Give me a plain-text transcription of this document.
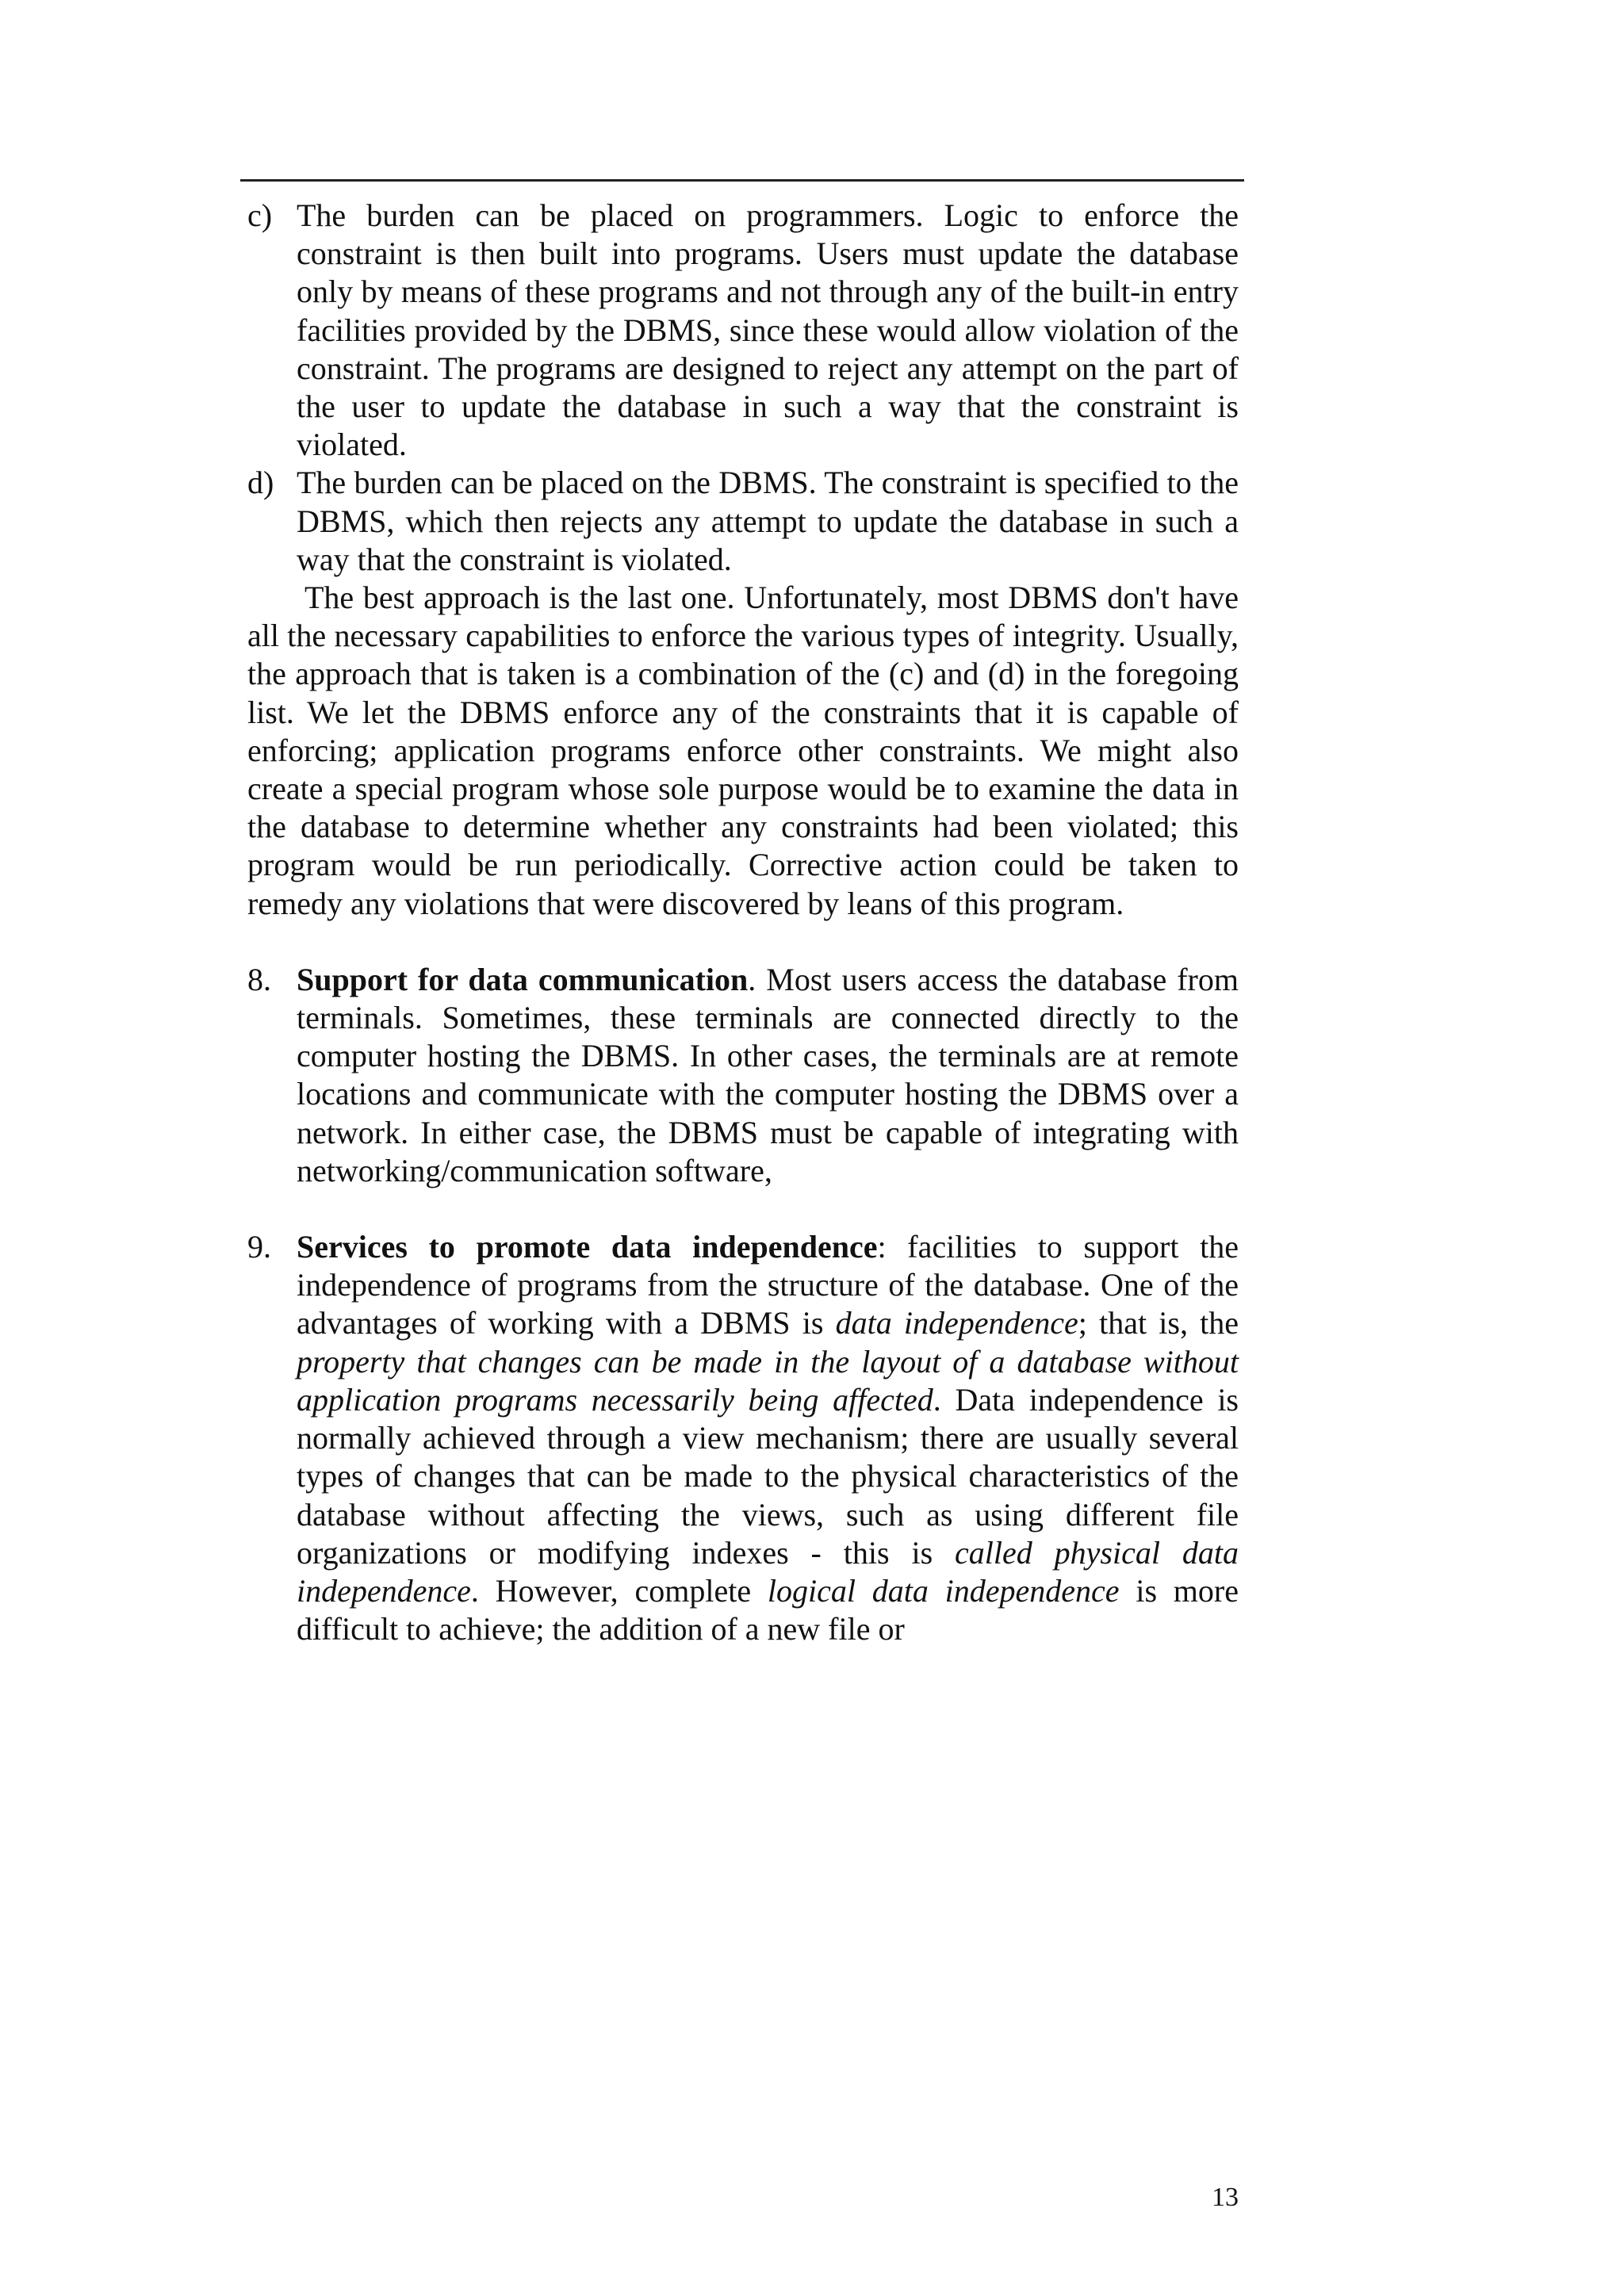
c) The burden can be placed on programmers. Logic to enforce the constraint is then built into programs. Users must update the database only by means of these programs and not through any of the built-in entry facilities provided by the DBMS, since these would allow violation of the constraint. The programs are designed to reject any attempt on the part of the user to update the database in such a way that the constraint is violated.
d) The burden can be placed on the DBMS. The constraint is specified to the DBMS, which then rejects any attempt to update the database in such a way that the constraint is violated.
The best approach is the last one. Unfortunately, most DBMS don't have all the necessary capabilities to enforce the various types of integrity. Usually, the approach that is taken is a combination of the (c) and (d) in the foregoing list. We let the DBMS enforce any of the constraints that it is capable of enforcing; application programs enforce other constraints. We might also create a special program whose sole purpose would be to examine the data in the database to determine whether any constraints had been violated; this program would be run periodically. Corrective action could be taken to remedy any violations that were discovered by leans of this program.
8. Support for data communication. Most users access the database from terminals. Sometimes, these terminals are connected directly to the computer hosting the DBMS. In other cases, the terminals are at remote locations and communicate with the computer hosting the DBMS over a network. In either case, the DBMS must be capable of integrating with networking/communication software,
9. Services to promote data independence: facilities to support the independence of programs from the structure of the database. One of the advantages of working with a DBMS is data independence; that is, the property that changes can be made in the layout of a database without application programs necessarily being affected. Data independence is normally achieved through a view mechanism; there are usually several types of changes that can be made to the physical characteristics of the database without affecting the views, such as using different file organizations or modifying indexes - this is called physical data independence. However, complete logical data independence is more difficult to achieve; the addition of a new file or
13
